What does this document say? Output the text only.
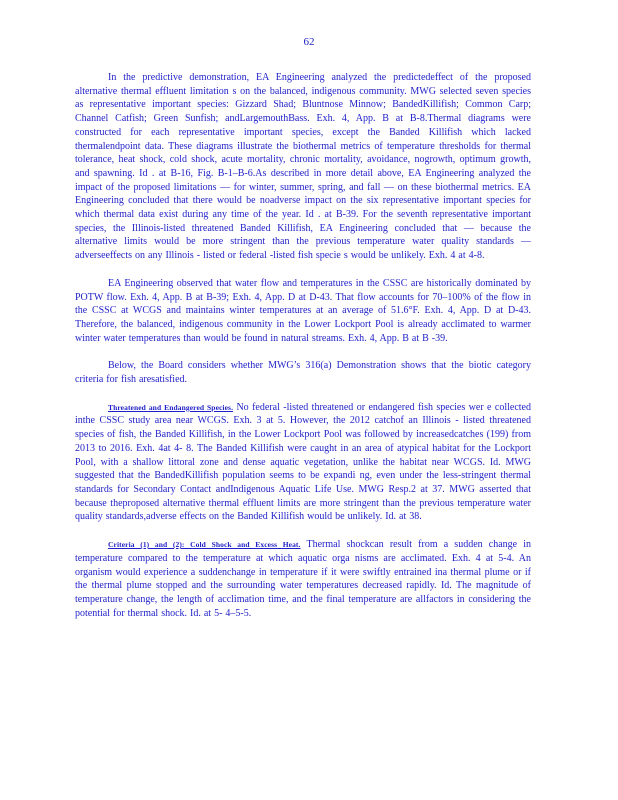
62

In the predictive demonstration, EA Engineering analyzed the predictedeffect of the proposed alternative thermal effluent limitation s on the balanced, indigenous community. MWG selected seven species as representative important species: Gizzard Shad; Bluntnose Minnow; BandedKillifish; Common Carp; Channel Catfish; Green Sunfish; andLargemouthBass. Exh. 4, App. B at B-8.Thermal diagrams were constructed for each representative important species, except the Banded Killifish which lacked thermalendpoint data. These diagrams illustrate the biothermal metrics of temperature thresholds for thermal tolerance, heat shock, cold shock, acute mortality, chronic mortality, avoidance, nogrowth, optimum growth, and spawning. Id . at B-16, Fig. B-1–B-6.As described in more detail above, EA Engineering analyzed the impact of the proposed limitations — for winter, summer, spring, and fall — on these biothermal metrics. EA Engineering concluded that there would be noadverse impact on the six representative important species for which thermal data exist during any time of the year. Id . at B-39. For the seventh representative important species, the Illinois-listed threatened Banded Killifish, EA Engineering concluded that — because the alternative limits would be more stringent than the previous temperature water quality standards — adverseeffects on any Illinois - listed or federal -listed fish specie s would be unlikely. Exh. 4 at 4-8.

EA Engineering observed that water flow and temperatures in the CSSC are historically dominated by POTW flow. Exh. 4, App. B at B-39; Exh. 4, App. D at D-43. That flow accounts for 70–100% of the flow in the CSSC at WCGS and maintains winter temperatures at an average of 51.6°F. Exh. 4, App. D at D-43. Therefore, the balanced, indigenous community in the Lower Lockport Pool is already acclimated to warmer winter water temperatures than would be found in natural streams. Exh. 4, App. B at B -39.

Below, the Board considers whether MWG’s 316(a) Demonstration shows that the biotic category criteria for fish aresatisfied.

Threatened and Endangered Species. No federal -listed threatened or endangered fish species wer e collected inthe CSSC study area near WCGS. Exh. 3 at 5. However, the 2012 catchof an Illinois - listed threatened species of fish, the Banded Killifish, in the Lower Lockport Pool was followed by increasedcatches (199) from 2013 to 2016. Exh. 4at 4- 8. The Banded Killifish were caught in an area of atypical habitat for the Lockport Pool, with a shallow littoral zone and dense aquatic vegetation, unlike the habitat near WCGS. Id. MWG suggested that the BandedKillifish population seems to be expandi ng, even under the less-stringent thermal standards for Secondary Contact andIndigenous Aquatic Life Use. MWG Resp.2 at 37. MWG asserted that because theproposed alternative thermal effluent limits are more stringent than the previous temperature water quality standards,adverse effects on the Banded Killifish would be unlikely. Id. at 38.

Criteria (1) and (2): Cold Shock and Excess Heat. Thermal shockcan result from a sudden change in temperature compared to the temperature at which aquatic orga nisms are acclimated. Exh. 4 at 5-4. An organism would experience a suddenchange in temperature if it were swiftly entrained ina thermal plume or if the thermal plume stopped and the surrounding water temperatures decreased rapidly. Id. The magnitude of temperature change, the length of acclimation time, and the final temperature are allfactors in considering the potential for thermal shock. Id. at 5- 4–5-5.
